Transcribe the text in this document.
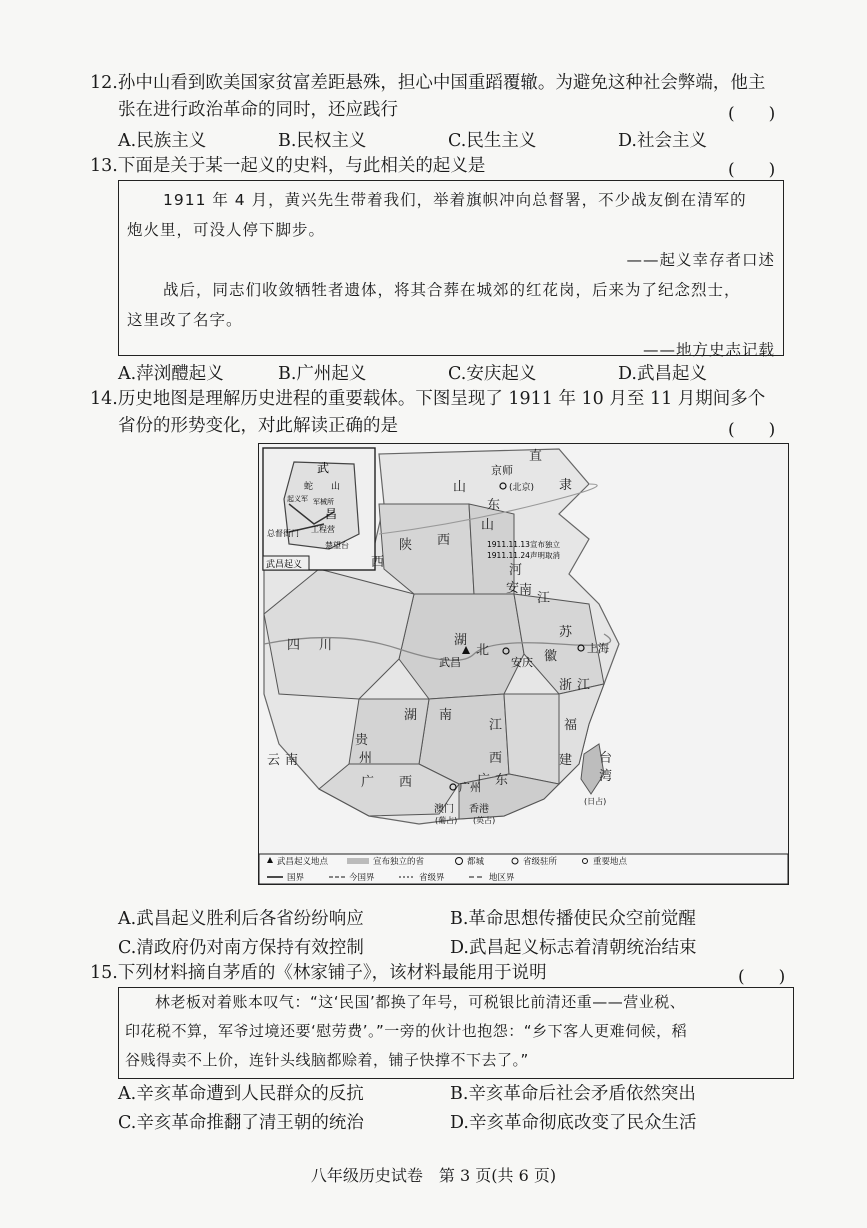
12.孙中山看到欧美国家贫富差距悬殊，担心中国重蹈覆辙。为避免这种社会弊端，他主
张在进行政治革命的同时，还应践行	(　　)
A.民族主义	B.民权主义	C.民生主义	D.社会主义
13.下面是关于某一起义的史料，与此相关的起义是	(　　)

1911 年 4 月，黄兴先生带着我们，举着旗帜冲向总督署，不少战友倒在清军的

炮火里，可没人停下脚步。

——起义幸存者口述

战后，同志们收敛牺牲者遗体，将其合葬在城郊的红花岗，后来为了纪念烈士，

这里改了名字。

——地方史志记载

A.萍浏醴起义	B.广州起义	C.安庆起义	D.武昌起义
14.历史地图是理解历史进程的重要载体。下图呈现了 1911 年 10 月至 11 月期间多个
省份的形势变化，对此解读正确的是	(　　)
武
蛇 山
起义军 军械所
昌
总督衙门 工程营
楚望台
武昌起义
直
隶
山
西
陕
西
山
东
河
南
江
苏
安
徽
湖
北
四 川
湖 南
江
西
浙 江
贵
州
福
建
云 南
广 西	广 东
台
湾
京师
(北京)
武昌	安庆
上海
广州
澳门
(葡占)
香港
(英占)
(日占)
1911.11.13宣布独立
1911.11.24声明取消
武昌起义地点	宣布独立的省	都城	省级驻所	重要地点
国界	今国界	省级界	地区界
A.武昌起义胜利后各省纷纷响应	B.革命思想传播使民众空前觉醒
C.清政府仍对南方保持有效控制	D.武昌起义标志着清朝统治结束
15.下列材料摘自茅盾的《林家铺子》，该材料最能用于说明	(　　)

林老板对着账本叹气：“这‘民国’都换了年号，可税银比前清还重——营业税、

印花税不算，军爷过境还要‘慰劳费’。”一旁的伙计也抱怨：“乡下客人更难伺候，稻

谷贱得卖不上价，连针头线脑都赊着，铺子快撑不下去了。”

A.辛亥革命遭到人民群众的反抗	B.辛亥革命后社会矛盾依然突出
C.辛亥革命推翻了清王朝的统治	D.辛亥革命彻底改变了民众生活
八年级历史试卷　第 3 页(共 6 页)
